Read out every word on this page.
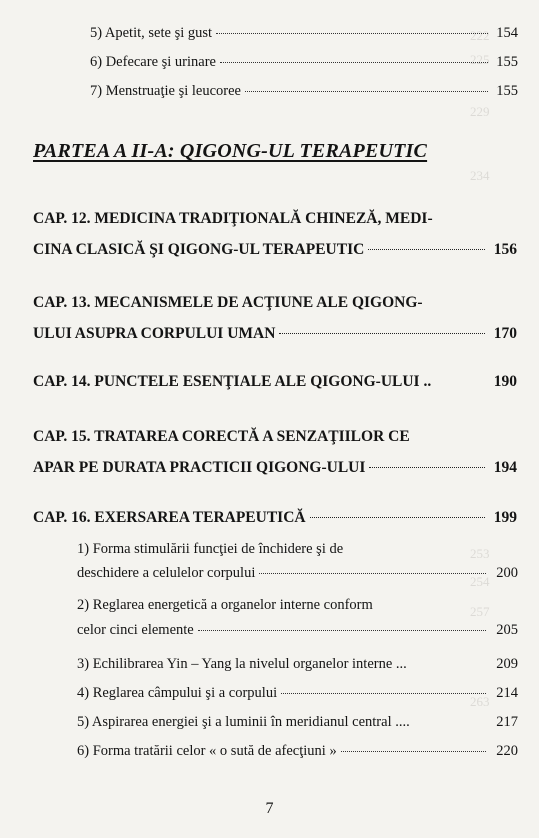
222
225
229
234
253
254
257
263
5) Apetit, sete şi gust	154
6) Defecare şi urinare	155
7) Menstruaţie şi leucoree	155
PARTEA A II-A: QIGONG-UL TERAPEUTIC
CAP. 12. MEDICINA TRADIŢIONALĂ CHINEZĂ, MEDI-
CINA CLASICĂ ŞI QIGONG-UL TERAPEUTIC	156
CAP. 13. MECANISMELE DE ACŢIUNE ALE QIGONG-
ULUI ASUPRA CORPULUI UMAN	170
CAP. 14. PUNCTELE ESENŢIALE ALE QIGONG-ULUI ..	190
CAP. 15. TRATAREA CORECTĂ A SENZAŢIILOR CE
APAR PE DURATA PRACTICII QIGONG-ULUI	194
CAP. 16. EXERSAREA TERAPEUTICĂ	199
1) Forma stimulării funcţiei de închidere şi de
deschidere a celulelor corpului	200
2) Reglarea energetică a organelor interne conform
celor cinci elemente	205
3) Echilibrarea Yin – Yang la nivelul organelor interne ...	209
4) Reglarea câmpului şi a corpului	214
5) Aspirarea energiei şi a luminii în meridianul central ....	217
6) Forma tratării celor « o sută de afecţiuni »	220
7
